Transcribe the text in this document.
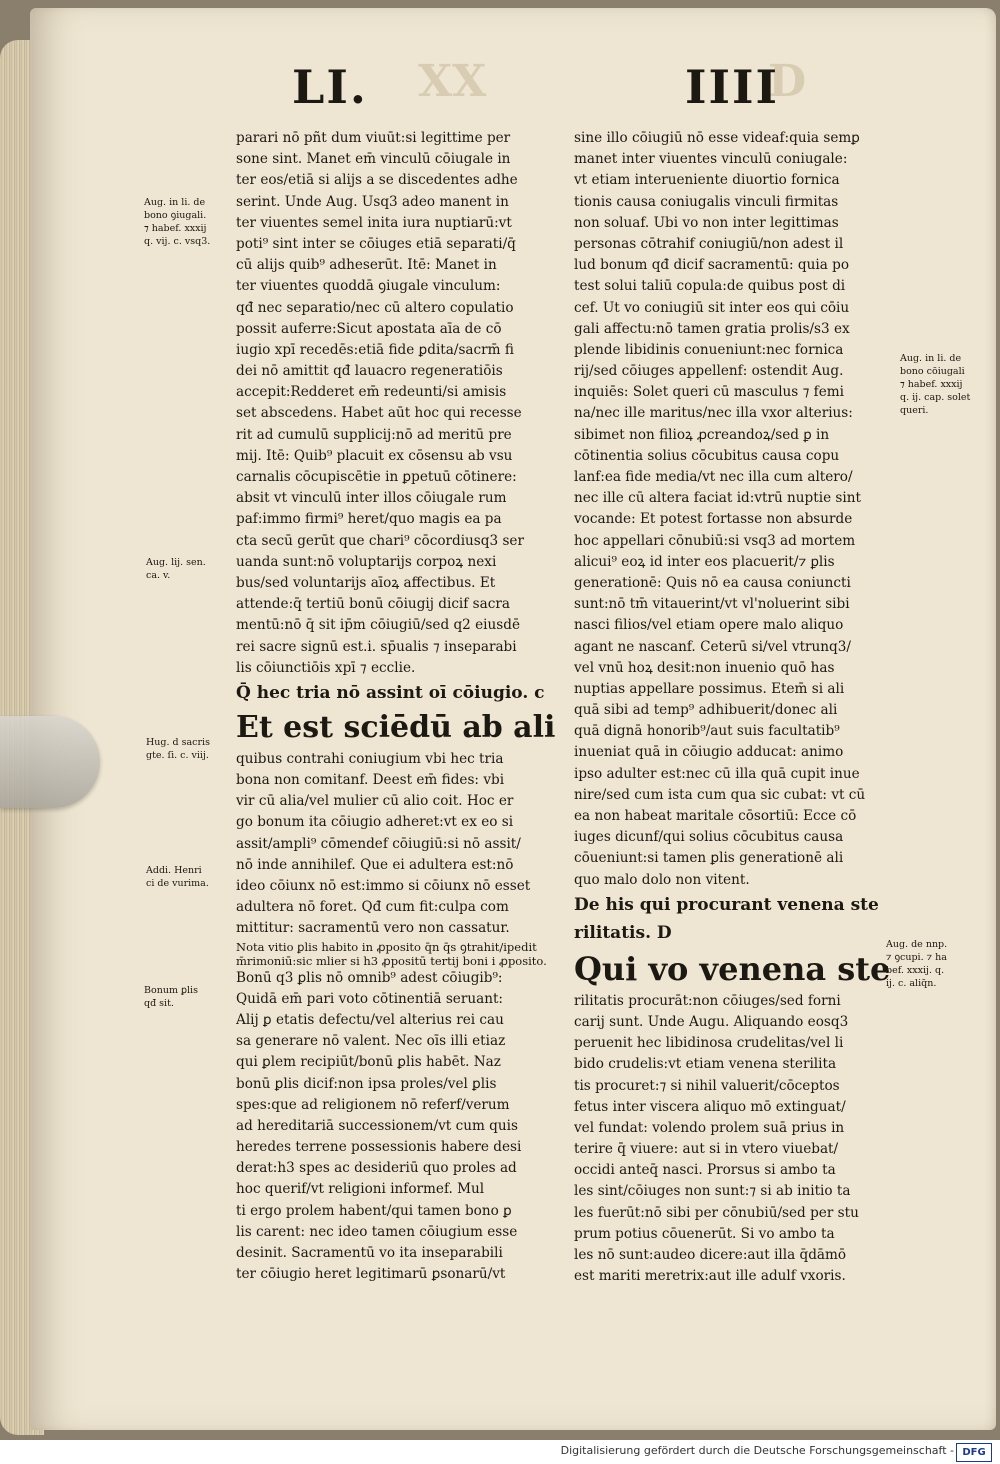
XX	D
LI.	IIII
parari nō pñt dum viuūt:si legittime per
sone sint. Manet em̄ vinculū cōiugale in
ter eos/etiā si alijs a se discedentes adhe
serint. Unde Aug. Usq3 adeo manent in
ter viuentes semel inita iura nuptiarū:vt
poti⁹ sint inter se cōiuges etiā separati/q̄
cū alijs quib⁹ adheserūt. Itē: Manet in
ter viuentes quoddā ꝯiugale vinculum:
qđ nec separatio/nec cū altero copulatio
possit auferre:Sicut apostata aīa de cō
iugio xpī recedēs:etiā fide ꝑdita/sacrm̄ fi
dei nō amittit qđ lauacro regeneratiōis
accepit:Redderet em̄ redeunti/si amisis
set abscedens. Habet aūt hoc qui recesse
rit ad cumulū supplicij:nō ad meritū pre
mij. Itē: Quib⁹ placuit ex cōsensu ab vsu
carnalis cōcupiscētie in ꝑpetuū cōtinere:
absit vt vinculū inter illos cōiugale rum
paf:immo firmi⁹ heret/quo magis ea pa
cta secū gerūt que chari⁹ cōcordiusq3 ser
uanda sunt:nō voluptarijs corpoꝝ nexi
bus/sed voluntarijs aīoꝝ affectibus. Et
attende:q̄ tertiū bonū cōiugij dicif sacra
mentū:nō q̄ sit ip̄m cōiugiū/sed q2 eiusdē
rei sacre signū est.i. sp̄ualis ⁊ inseparabi
lis cōiunctiōis xpī ⁊ ecclie.
Q̄ hec tria nō assint oī cōiugio. c
Et est sciēdū ab ali
quibus contrahi coniugium vbi hec tria
bona non comitanf. Deest em̄ fides: vbi
vir cū alia/vel mulier cū alio coit. Hoc er
go bonum ita cōiugio adheret:vt ex eo si
assit/ampli⁹ cōmendef cōiugiū:si nō assit/
nō inde annihilef. Que ei adultera est:nō
ideo cōiunx nō est:immo si cōiunx nō esset
adultera nō foret. Qđ cum fit:culpa com
mittitur: sacramentū vero non cassatur.
Nota vitio ꝑlis habito in ꝓposito q̄n q̄s ꝯtrahit/ipedit
m̄rimoniū:sic mlier si h3 ꝓpositū tertij boni i ꝓposito.
Bonū q3 ꝑlis nō omnib⁹ adest cōiugib⁹:
Quidā em̄ pari voto cōtinentiā seruant:
Alij ꝑ etatis defectu/vel alterius rei cau
sa generare nō valent. Nec oīs illi etiaz
qui ꝑlem recipiūt/bonū ꝑlis habēt. Naz
bonū ꝑlis dicif:non ipsa proles/vel ꝑlis
spes:que ad religionem nō referf/verum
ad hereditariā successionem/vt cum quis
heredes terrene possessionis habere desi
derat:h3 spes ac desideriū quo proles ad
hoc querif/vt religioni informef. Mul
ti ergo prolem habent/qui tamen bono ꝑ
lis carent: nec ideo tamen cōiugium esse
desinit. Sacramentū vo ita inseparabili
ter cōiugio heret legitimarū ꝑsonarū/vt
sine illo cōiugiū nō esse videaf:quia semꝑ
manet inter viuentes vinculū coniugale:
vt etiam interueniente diuortio fornica
tionis causa coniugalis vinculi firmitas
non soluaf. Ubi vo non inter legittimas
personas cōtrahif coniugiū/non adest il
lud bonum qđ dicif sacramentū: quia po
test solui taliū copula:de quibus post di
cef. Ut vo coniugiū sit inter eos qui cōiu
gali affectu:nō tamen gratia prolis/s3 ex
plende libidinis conueniunt:nec fornica
rij/sed cōiuges appellenf: ostendit Aug.
inquiēs: Solet queri cū masculus ⁊ femi
na/nec ille maritus/nec illa vxor alterius:
sibimet non filioꝝ ꝓcreandoꝝ/sed ꝑ in
cōtinentia solius cōcubitus causa copu
lanf:ea fide media/vt nec illa cum altero/
nec ille cū altera faciat id:vtrū nuptie sint
vocande: Et potest fortasse non absurde
hoc appellari cōnubiū:si vsq3 ad mortem
alicui⁹ eoꝝ id inter eos placuerit/⁊ ꝑlis
generationē: Quis nō ea causa coniuncti
sunt:nō tm̄ vitauerint/vt vl'noluerint sibi
nasci filios/vel etiam opere malo aliquo
agant ne nascanf. Ceterū si/vel vtrunq3/
vel vnū hoꝝ desit:non inuenio quō has
nuptias appellare possimus. Etem̄ si ali
quā sibi ad temp⁹ adhibuerit/donec ali
quā dignā honorib⁹/aut suis facultatib⁹
inueniat quā in cōiugio adducat: animo
ipso adulter est:nec cū illa quā cupit inue
nire/sed cum ista cum qua sic cubat: vt cū
ea non habeat maritale cōsortiū: Ecce cō
iuges dicunf/qui solius cōcubitus causa
cōueniunt:si tamen ꝑlis generationē ali
quo malo dolo non vitent.
De his qui procurant venena ste
rilitatis. D
Qui vo venena ste
rilitatis procurāt:non cōiuges/sed forni
carij sunt. Unde Augu. Aliquando eosq3
peruenit hec libidinosa crudelitas/vel li
bido crudelis:vt etiam venena sterilita
tis procuret:⁊ si nihil valuerit/cōceptos
fetus inter viscera aliquo mō extinguat/
vel fundat: volendo prolem suā prius in
terire q̄ viuere: aut si in vtero viuebat/
occidi anteq̄ nasci. Prorsus si ambo ta
les sint/cōiuges non sunt:⁊ si ab initio ta
les fuerūt:nō sibi per cōnubiū/sed per stu
prum potius cōuenerūt. Si vo ambo ta
les nō sunt:audeo dicere:aut illa q̄dāmō
est mariti meretrix:aut ille adulf vxoris.
Aug. in li. de
bono ꝯiugali.
⁊ habef. xxxij
q. vij. c. vsq3.
Aug. lij. sen.
ca. v.
Hug. d sacris
gte. ſi. c. viij.
Addi. Henri
ci de vurima.
Bonum ꝑlis
qđ sit.
Aug. in li. de
bono cōiugali
⁊ habef. xxxij
q. ij. cap. solet
queri.
Aug. de nnp.
⁊ ꝯcupi. ⁊ ha
bef. xxxij. q.
ij. c. aliq̄n.
Digitalisierung gefördert durch die Deutsche Forschungsgemeinschaft - DFG
